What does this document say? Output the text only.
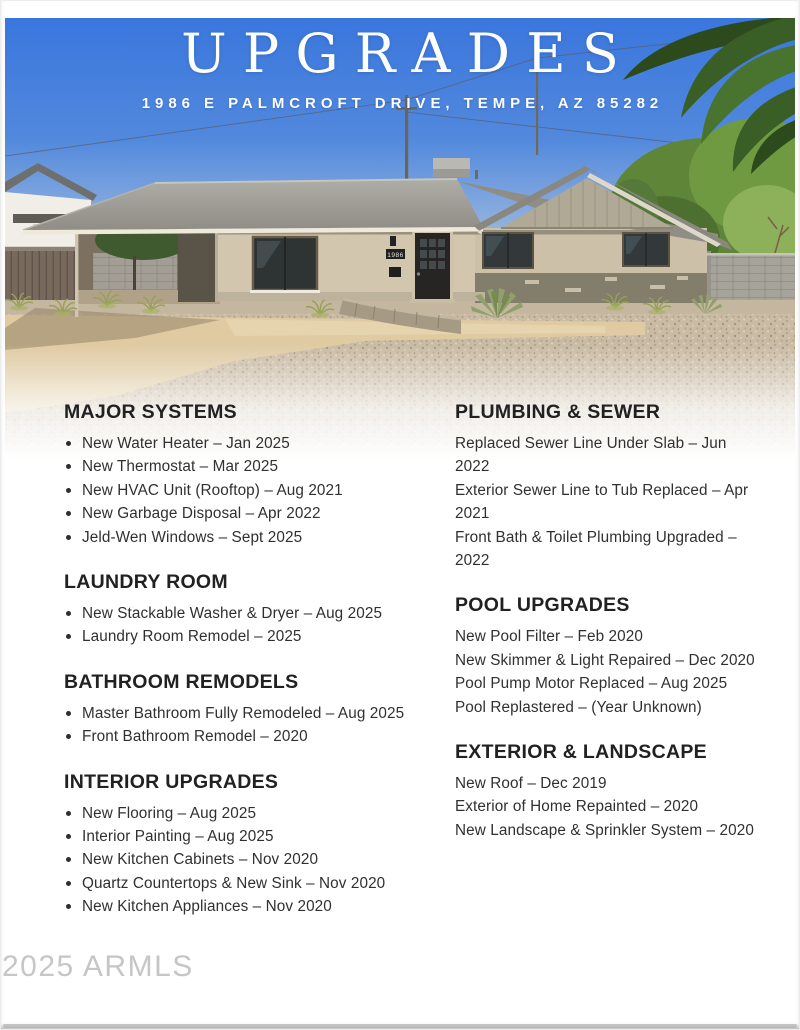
1986
UPGRADES
1986 E PALMCROFT DRIVE, TEMPE, AZ 85282
MAJOR SYSTEMS
New Water Heater – Jan 2025
New Thermostat – Mar 2025
New HVAC Unit (Rooftop) – Aug 2021
New Garbage Disposal – Apr 2022
Jeld-Wen Windows – Sept 2025
LAUNDRY ROOM
New Stackable Washer & Dryer – Aug 2025
Laundry Room Remodel – 2025
BATHROOM REMODELS
Master Bathroom Fully Remodeled – Aug 2025
Front Bathroom Remodel – 2020
INTERIOR UPGRADES
New Flooring – Aug 2025
Interior Painting – Aug 2025
New Kitchen Cabinets – Nov 2020
Quartz Countertops & New Sink – Nov 2020
New Kitchen Appliances – Nov 2020
PLUMBING & SEWER
Replaced Sewer Line Under Slab – Jun 2022
Exterior Sewer Line to Tub Replaced – Apr 2021
Front Bath & Toilet Plumbing Upgraded – 2022
POOL UPGRADES
New Pool Filter – Feb 2020
New Skimmer & Light Repaired – Dec 2020
Pool Pump Motor Replaced – Aug 2025
Pool Replastered – (Year Unknown)
EXTERIOR & LANDSCAPE
New Roof – Dec 2019
Exterior of Home Repainted – 2020
New Landscape & Sprinkler System – 2020
2025 ARMLS
